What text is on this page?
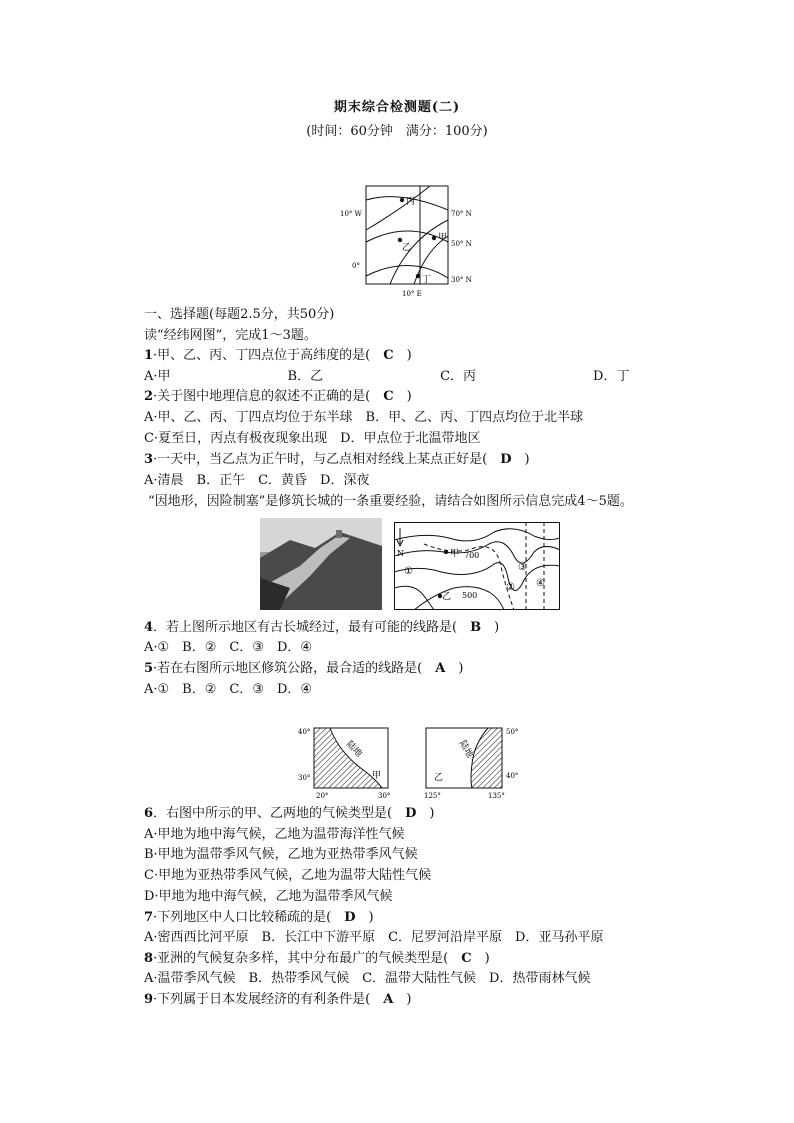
期末综合检测题(二)
(时间：60分钟　满分：100分)
丙
甲
乙
丁
70° N
50° N
30° N
10° W
0°
10° E
N	甲
乙
700
500
①
②
③
④
陆地
甲
40°
30°
20°	30°
陆地
乙
50°
40°
125°	135°
一、选择题(每题2.5分，共50分)
读“经纬网图”，完成1～3题。
1·甲、乙、丙、丁四点位于高纬度的是(　C　)
A·甲　　　　　　　　　B．乙　　　　　　　　　C．丙　　　　　　　　　D．丁
2·关于图中地理信息的叙述不正确的是(　C　)
A·甲、乙、丙、丁四点均位于东半球　B．甲、乙、丙、丁四点均位于北半球
C·夏至日，丙点有极夜现象出现　D．甲点位于北温带地区
3·一天中，当乙点为正午时，与乙点相对经线上某点正好是(　D　)
A·清晨　B．正午　C．黄昏　D．深夜
“因地形，因险制塞”是修筑长城的一条重要经验，请结合如图所示信息完成4～5题。
4．若上图所示地区有古长城经过，最有可能的线路是(　B　)
A·①　B．②　C．③　D．④
5·若在右图所示地区修筑公路，最合适的线路是(　A　)
A·①　B．②　C．③　D．④
6．右图中所示的甲、乙两地的气候类型是(　D　)
A·甲地为地中海气候，乙地为温带海洋性气候
B·甲地为温带季风气候，乙地为亚热带季风气候
C·甲地为亚热带季风气候，乙地为温带大陆性气候
D·甲地为地中海气候，乙地为温带季风气候
7·下列地区中人口比较稀疏的是(　D　)
A·密西西比河平原　B．长江中下游平原　C．尼罗河沿岸平原　D．亚马孙平原
8·亚洲的气候复杂多样，其中分布最广的气候类型是(　C　)
A·温带季风气候　B．热带季风气候　C．温带大陆性气候　D．热带雨林气候
9·下列属于日本发展经济的有利条件是(　A　)
